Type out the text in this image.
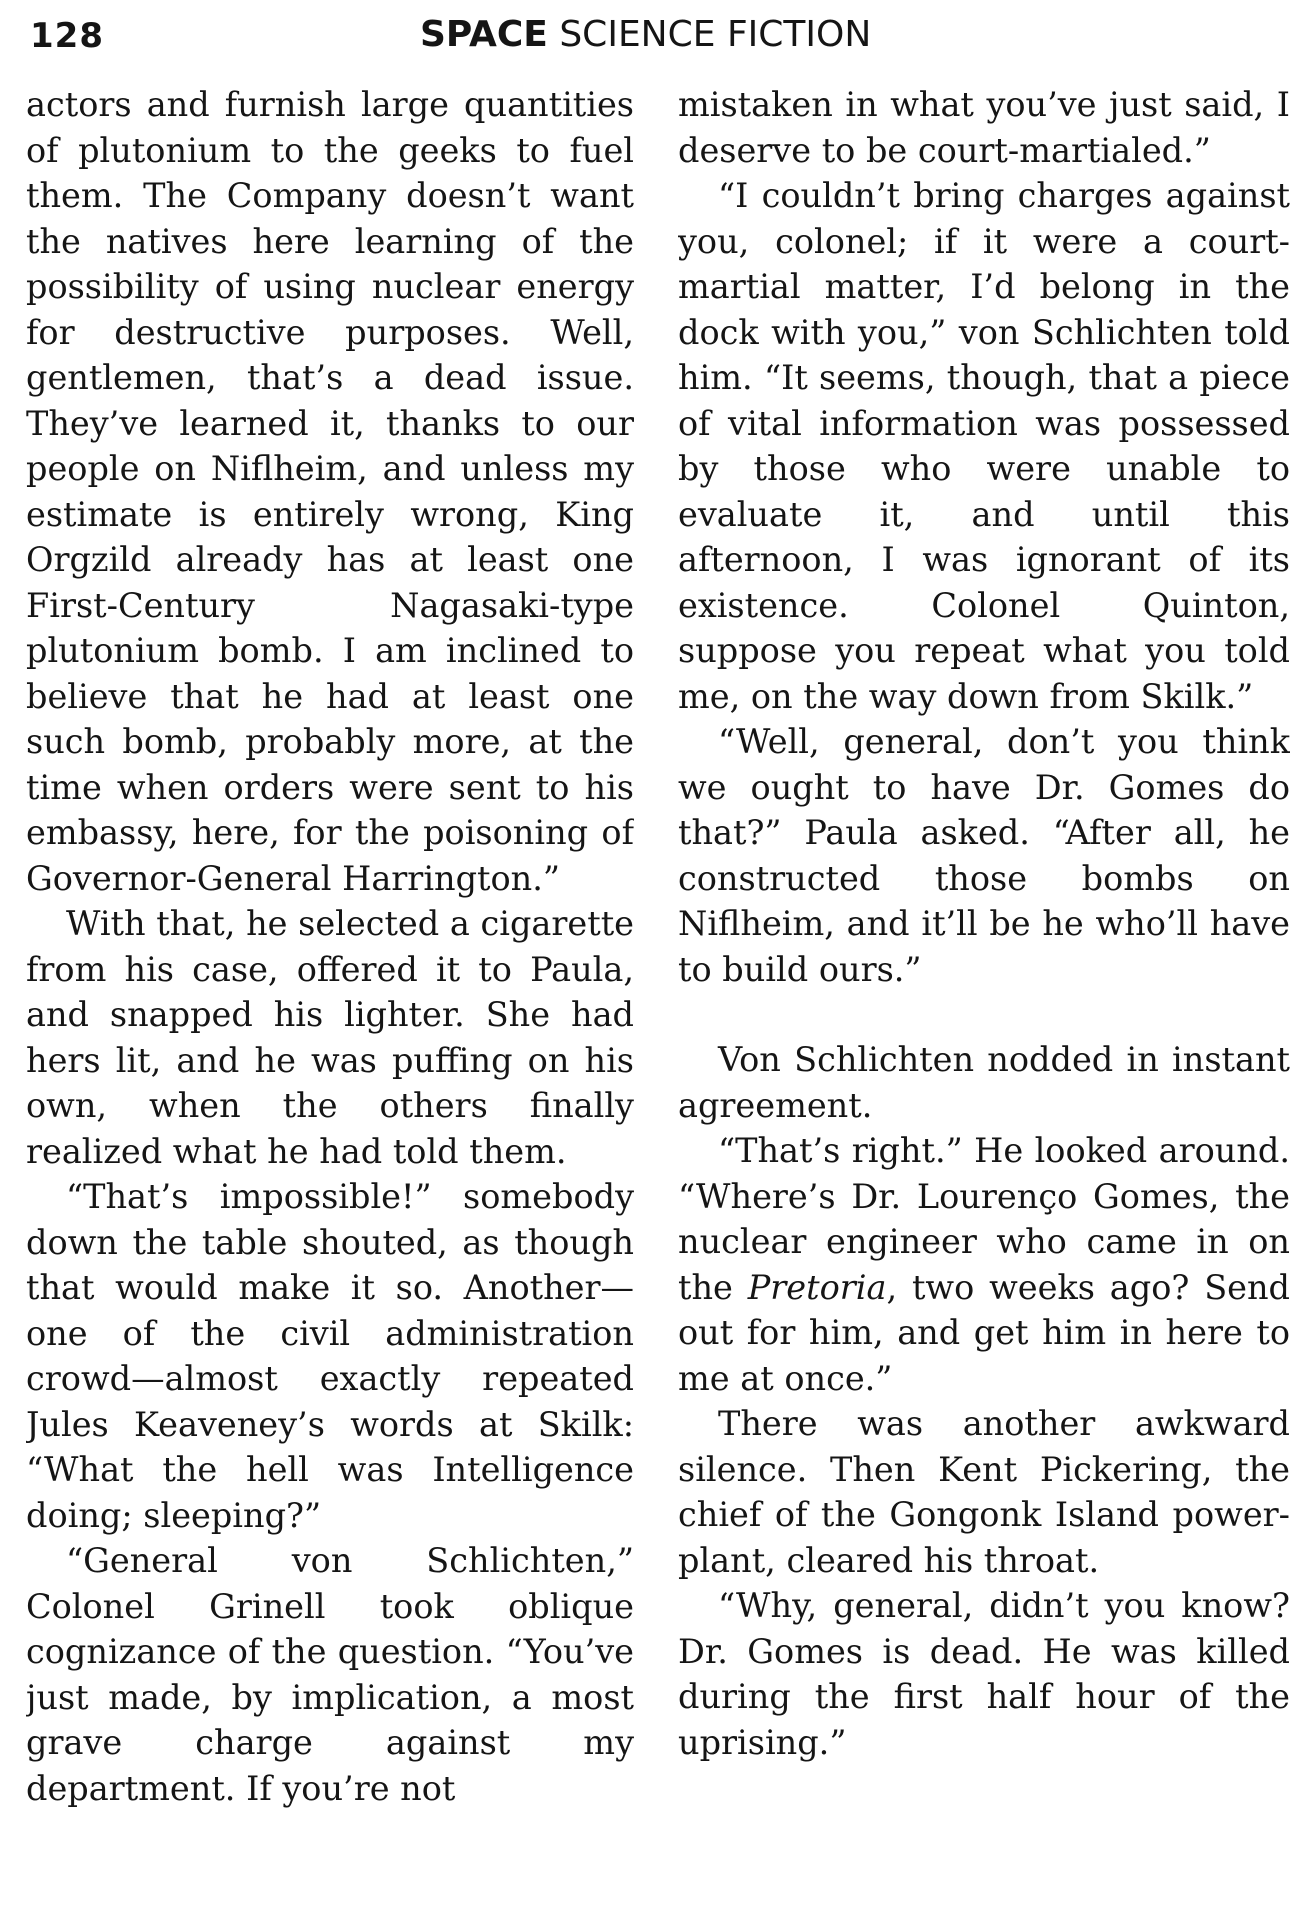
128	SPACE SCIENCE FICTION

actors and furnish large quantities of plutonium to the geeks to fuel them. The Company doesn’t want the natives here learning of the possibility of using nuclear energy for destructive purposes. Well, gentlemen, that’s a dead issue. They’ve learned it, thanks to our people on Niflheim, and unless my estimate is entirely wrong, King Orgzild already has at least one First-Century Nagasaki-type plutonium bomb. I am inclined to believe that he had at least one such bomb, probably more, at the time when orders were sent to his embassy, here, for the poisoning of Governor-General Harrington.”

With that, he selected a cigarette from his case, offered it to Paula, and snapped his lighter. She had hers lit, and he was puffing on his own, when the others finally realized what he had told them.

“That’s impossible!” somebody down the table shouted, as though that would make it so. Another—one of the civil administration crowd—almost exactly repeated Jules Keaveney’s words at Skilk: “What the hell was Intelligence doing; sleeping?”

“General von Schlichten,” Colonel Grinell took oblique cognizance of the question. “You’ve just made, by implication, a most grave charge against my department. If you’re not

mistaken in what you’ve just said, I deserve to be court-martialed.”

“I couldn’t bring charges against you, colonel; if it were a court-martial matter, I’d belong in the dock with you,” von Schlichten told him. “It seems, though, that a piece of vital information was possessed by those who were unable to evaluate it, and until this afternoon, I was ignorant of its existence. Colonel Quinton, suppose you repeat what you told me, on the way down from Skilk.”

“Well, general, don’t you think we ought to have Dr. Gomes do that?” Paula asked. “After all, he constructed those bombs on Niflheim, and it’ll be he who’ll have to build ours.”

Von Schlichten nodded in instant agreement.

“That’s right.” He looked around. “Where’s Dr. Lourenço Gomes, the nuclear engineer who came in on the Pretoria, two weeks ago? Send out for him, and get him in here to me at once.”

There was another awkward silence. Then Kent Pickering, the chief of the Gongonk Island power-plant, cleared his throat.

“Why, general, didn’t you know? Dr. Gomes is dead. He was killed during the first half hour of the uprising.”
